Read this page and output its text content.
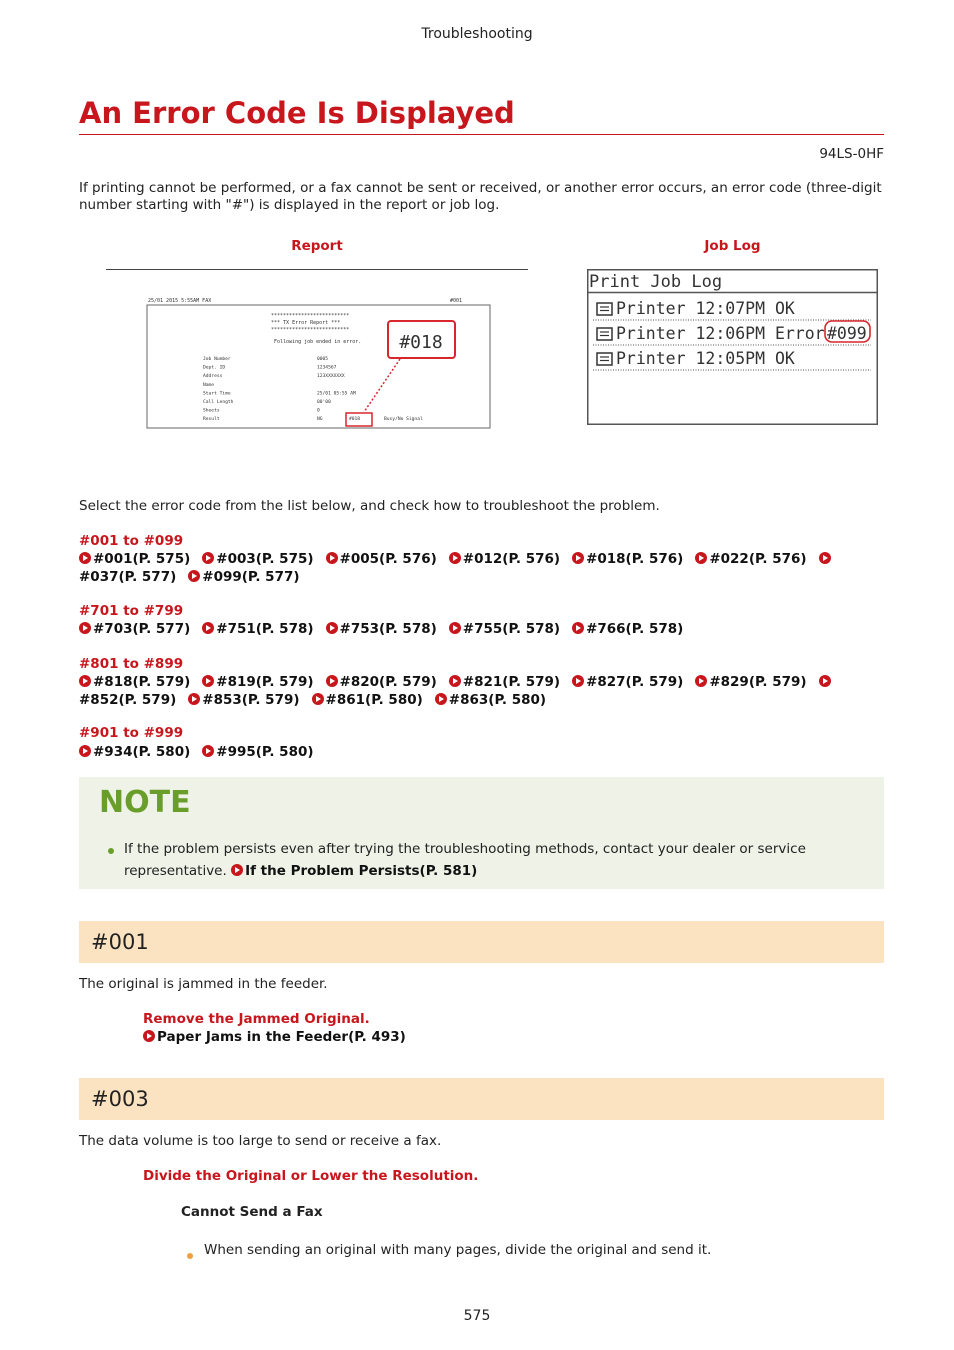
Troubleshooting
An Error Code Is Displayed
94LS-0HF
If printing cannot be performed, or a fax cannot be sent or received, or another error occurs, an error code (three-digit number starting with "#") is displayed in the report or job log.
Report	Job Log
25/01 2015 5:55AM FAX	#001
**************************
*** TX Error Report ***
**************************
Following job ended in error.
Job Number	0005
Dept. ID	1234567
Address	123XXXXXXX
Name
Start Time	25/01 05:55 AM
Call Length	00'00
Sheets	0
Result	NG	#018	Busy/No Signal
#018
Print Job Log
Printer 12:07PM OK
Printer 12:06PM Error #099
Printer 12:05PM OK
Select the error code from the list below, and check how to troubleshoot the problem.
#001 to #099
#001(P. 575) #003(P. 575) #005(P. 576) #012(P. 576) #018(P. 576) #022(P. 576)
#037(P. 577) #099(P. 577)
#701 to #799
#703(P. 577) #751(P. 578) #753(P. 578) #755(P. 578) #766(P. 578)
#801 to #899
#818(P. 579) #819(P. 579) #820(P. 579) #821(P. 579) #827(P. 579) #829(P. 579)
#852(P. 579) #853(P. 579) #861(P. 580) #863(P. 580)
#901 to #999
#934(P. 580) #995(P. 580)
NOTE
If the problem persists even after trying the troubleshooting methods, contact your dealer or service representative. If the Problem Persists(P. 581)
#001
The original is jammed in the feeder.
Remove the Jammed Original.
Paper Jams in the Feeder(P. 493)
#003
The data volume is too large to send or receive a fax.
Divide the Original or Lower the Resolution.
Cannot Send a Fax
When sending an original with many pages, divide the original and send it.
575
